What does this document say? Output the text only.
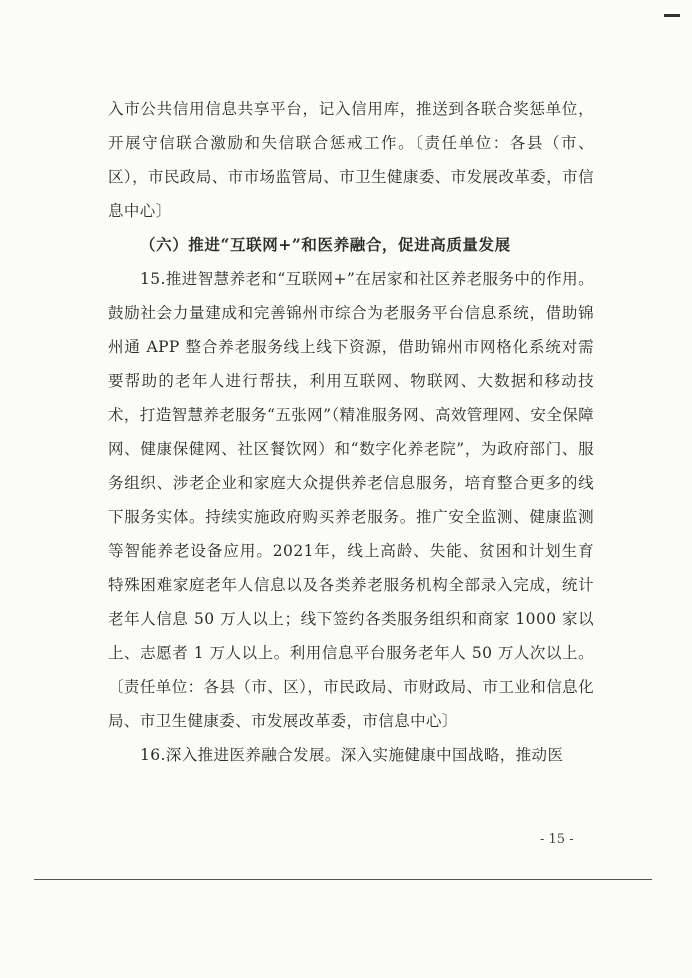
入市公共信用信息共享平台，记入信用库，推送到各联合奖惩单位，开展守信联合激励和失信联合惩戒工作。〔责任单位：各县（市、区），市民政局、市市场监管局、市卫生健康委、市发展改革委，市信息中心〕

（六）推进“互联网+”和医养融合，促进高质量发展

15.推进智慧养老和“互联网+”在居家和社区养老服务中的作用。鼓励社会力量建成和完善锦州市综合为老服务平台信息系统，借助锦州通 APP 整合养老服务线上线下资源，借助锦州市网格化系统对需要帮助的老年人进行帮扶，利用互联网、物联网、大数据和移动技术，打造智慧养老服务“五张网”（精准服务网、高效管理网、安全保障网、健康保健网、社区餐饮网）和“数字化养老院”，为政府部门、服务组织、涉老企业和家庭大众提供养老信息服务，培育整合更多的线下服务实体。持续实施政府购买养老服务。推广安全监测、健康监测等智能养老设备应用。2021年，线上高龄、失能、贫困和计划生育特殊困难家庭老年人信息以及各类养老服务机构全部录入完成，统计老年人信息 50 万人以上；线下签约各类服务组织和商家 1000 家以上、志愿者 1 万人以上。利用信息平台服务老年人 50 万人次以上。〔责任单位：各县（市、区），市民政局、市财政局、市工业和信息化局、市卫生健康委、市发展改革委，市信息中心〕

16.深入推进医养融合发展。深入实施健康中国战略，推动医

- 15 -
